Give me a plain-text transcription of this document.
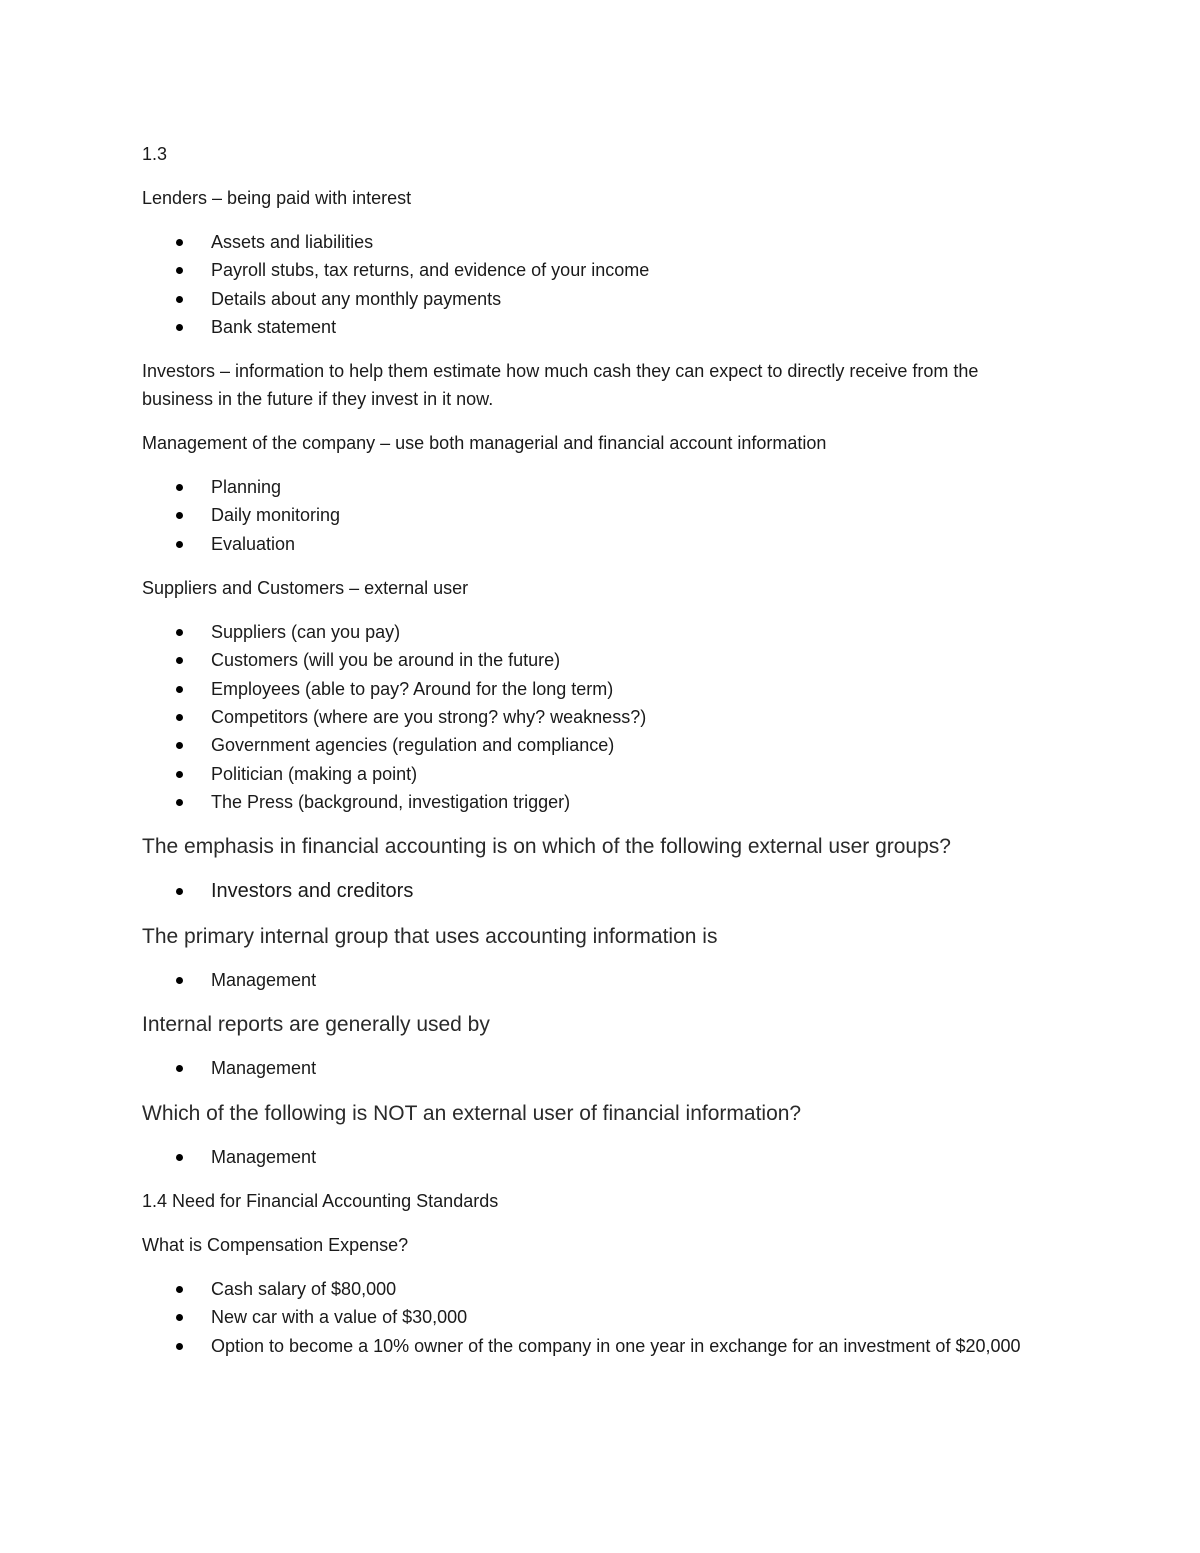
1.3

Lenders – being paid with interest

Assets and liabilities
Payroll stubs, tax returns, and evidence of your income
Details about any monthly payments
Bank statement

Investors – information to help them estimate how much cash they can expect to directly receive from the business in the future if they invest in it now.

Management of the company – use both managerial and financial account information

Planning
Daily monitoring
Evaluation

Suppliers and Customers – external user

Suppliers (can you pay)
Customers (will you be around in the future)
Employees (able to pay? Around for the long term)
Competitors (where are you strong? why? weakness?)
Government agencies (regulation and compliance)
Politician (making a point)
The Press (background, investigation trigger)

The emphasis in financial accounting is on which of the following external user groups?

Investors and creditors

The primary internal group that uses accounting information is

Management

Internal reports are generally used by

Management

Which of the following is NOT an external user of financial information?

Management

1.4 Need for Financial Accounting Standards

What is Compensation Expense?

Cash salary of $80,000
New car with a value of $30,000
Option to become a 10% owner of the company in one year in exchange for an investment of $20,000
